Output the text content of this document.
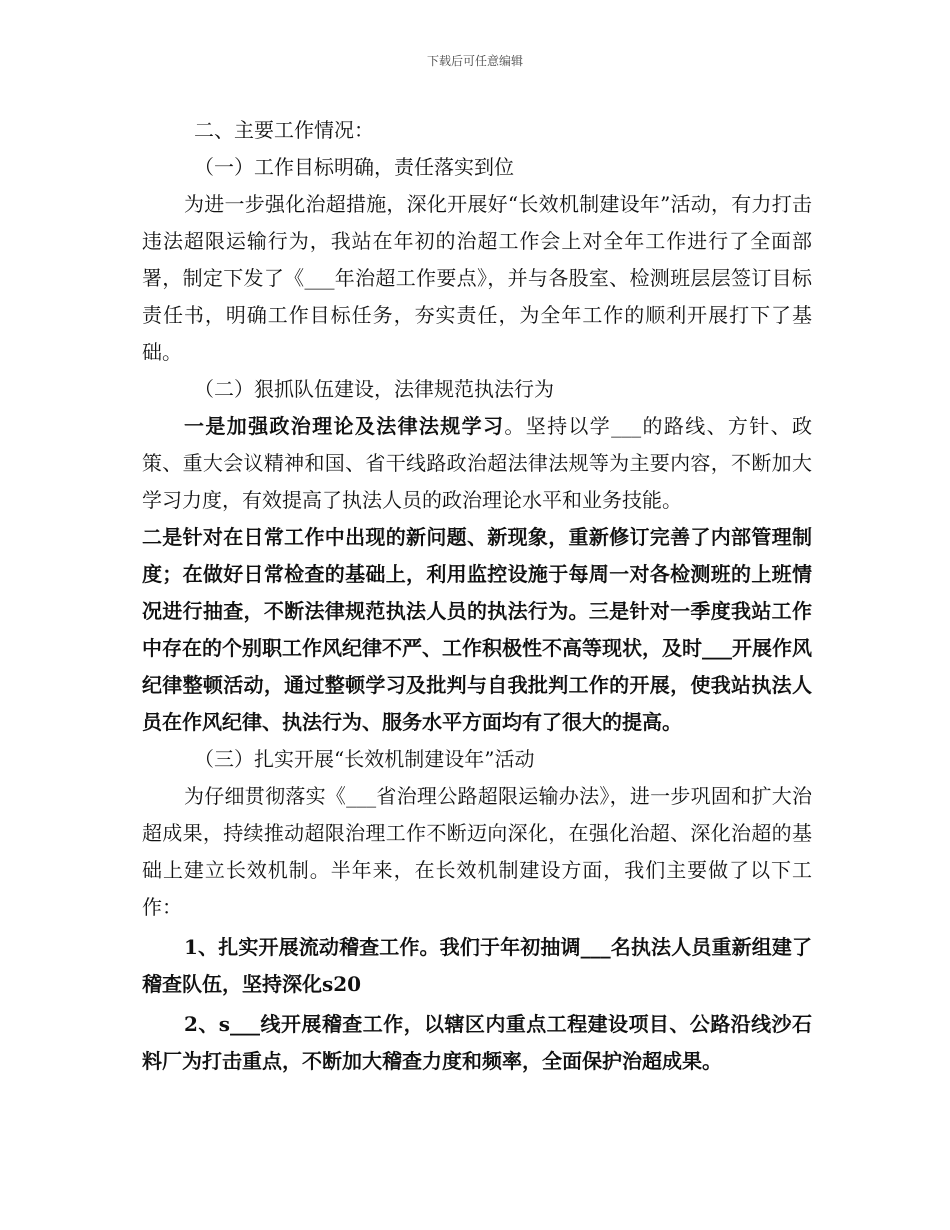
下载后可任意编辑

二、主要工作情况：

（一）工作目标明确，责任落实到位

为进一步强化治超措施，深化开展好“长效机制建设年”活动，有力打击违法超限运输行为，我站在年初的治超工作会上对全年工作进行了全面部署，制定下发了《___年治超工作要点》，并与各股室、检测班层层签订目标责任书，明确工作目标任务，夯实责任，为全年工作的顺利开展打下了基础。

（二）狠抓队伍建设，法律规范执法行为

一是加强政治理论及法律法规学习。坚持以学___的路线、方针、政策、重大会议精神和国、省干线路政治超法律法规等为主要内容，不断加大学习力度，有效提高了执法人员的政治理论水平和业务技能。

二是针对在日常工作中出现的新问题、新现象，重新修订完善了内部管理制度；在做好日常检查的基础上，利用监控设施于每周一对各检测班的上班情况进行抽查，不断法律规范执法人员的执法行为。三是针对一季度我站工作中存在的个别职工作风纪律不严、工作积极性不高等现状，及时___开展作风纪律整顿活动，通过整顿学习及批判与自我批判工作的开展，使我站执法人员在作风纪律、执法行为、服务水平方面均有了很大的提高。

（三）扎实开展“长效机制建设年”活动

为仔细贯彻落实《___省治理公路超限运输办法》，进一步巩固和扩大治超成果，持续推动超限治理工作不断迈向深化，在强化治超、深化治超的基础上建立长效机制。半年来，在长效机制建设方面，我们主要做了以下工作：

1、扎实开展流动稽查工作。我们于年初抽调___名执法人员重新组建了稽查队伍，坚持深化s20

2、s___线开展稽查工作，以辖区内重点工程建设项目、公路沿线沙石料厂为打击重点，不断加大稽查力度和频率，全面保护治超成果。
